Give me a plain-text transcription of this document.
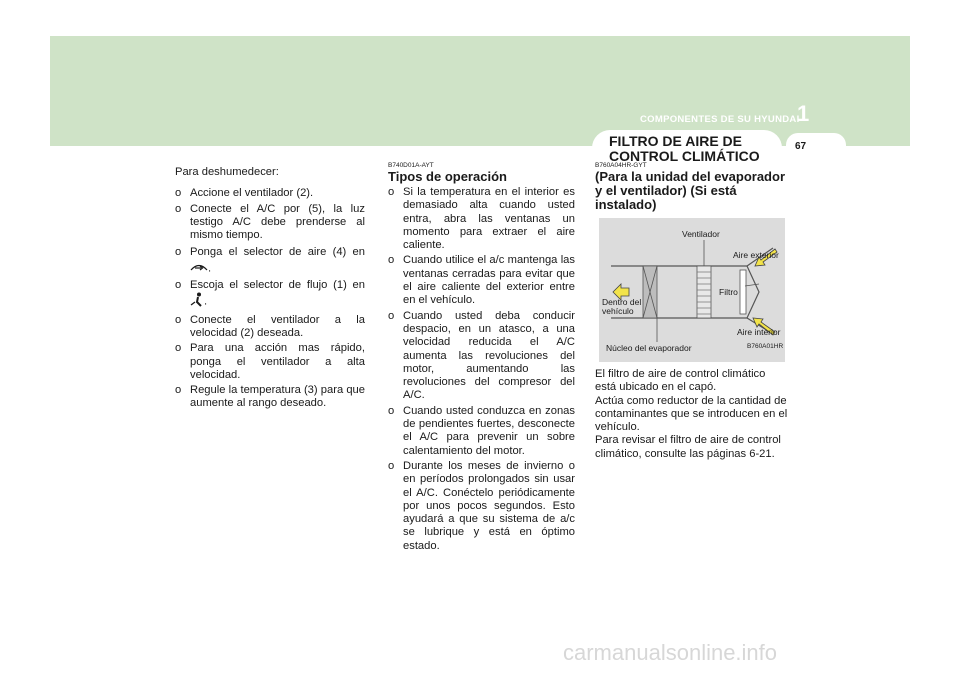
COMPONENTES DE SU HYUNDAI
1
FILTRO DE AIRE DE CONTROL CLIMÁTICO
67

Para deshumedecer:

o Accione el ventilador (2).
o Conecte el A/C por (5), la luz testigo A/C debe prenderse al mismo tiempo.
o Ponga el selector de aire (4) en .
o Escoja el selector de flujo (1) en .
o Conecte el ventilador a la velocidad (2) deseada.
o Para una acción mas rápido, ponga el ventilador a alta velocidad.
o Regule la temperatura (3) para que aumente al rango deseado.

B740D01A-AYT

Tipos de operación

o Si la temperatura en el interior es demasiado alta cuando usted entra, abra las ventanas un momento para extraer el aire caliente.
o Cuando utilice el a/c mantenga las ventanas cerradas para evitar que el aire caliente del exterior entre en el vehículo.
o Cuando usted deba conducir despacio, en un atasco, a una velocidad reducida el A/C aumenta las revoluciones del motor, aumentando las revoluciones del compresor del A/C.
o Cuando usted conduzca en zonas de pendientes fuertes, desconecte el A/C para prevenir un sobre calentamiento del motor.
o Durante los meses de invierno o en períodos prolongados sin usar el A/C. Conéctelo periódicamente por unos pocos segundos. Esto ayudará a que su sistema de a/c se lubrique y está en óptimo estado.

B760A04HR-GYT

(Para la unidad del evaporador y el ventilador) (Si está instalado)

Ventilador
Aire exterior
Filtro
Dentro del vehículo
Aire interior
Núcleo del evaporador	B760A01HR

El filtro de aire de control climático está ubicado en el capó.

Actúa como reductor de la cantidad de contaminantes que se introducen en el vehículo.

Para revisar el filtro de aire de control climático, consulte las páginas 6-21.

carmanualsonline.info
